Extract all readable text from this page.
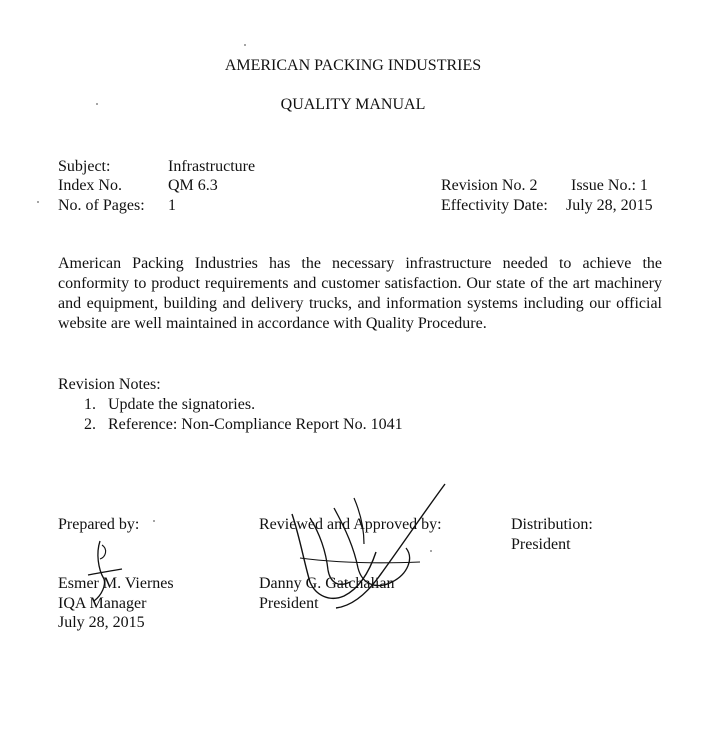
AMERICAN PACKING INDUSTRIES
QUALITY MANUAL
Subject:	Infrastructure
Index No.	QM 6.3
No. of Pages: 1
Revision No. 2 Issue No.: 1
Effectivity Date: July 28, 2015
American Packing Industries has the necessary infrastructure needed to achieve the conformity to product requirements and customer satisfaction. Our state of the art machinery and equipment, building and delivery trucks, and information systems including our official website are well maintained in accordance with Quality Procedure.
Revision Notes:
1. Update the signatories.
2. Reference: Non-Compliance Report No. 1041
Prepared by:
Esmer M. Viernes
IQA Manager
July 28, 2015
Reviewed and Approved by:
Danny G. Gatchalian
President
Distribution:
President
